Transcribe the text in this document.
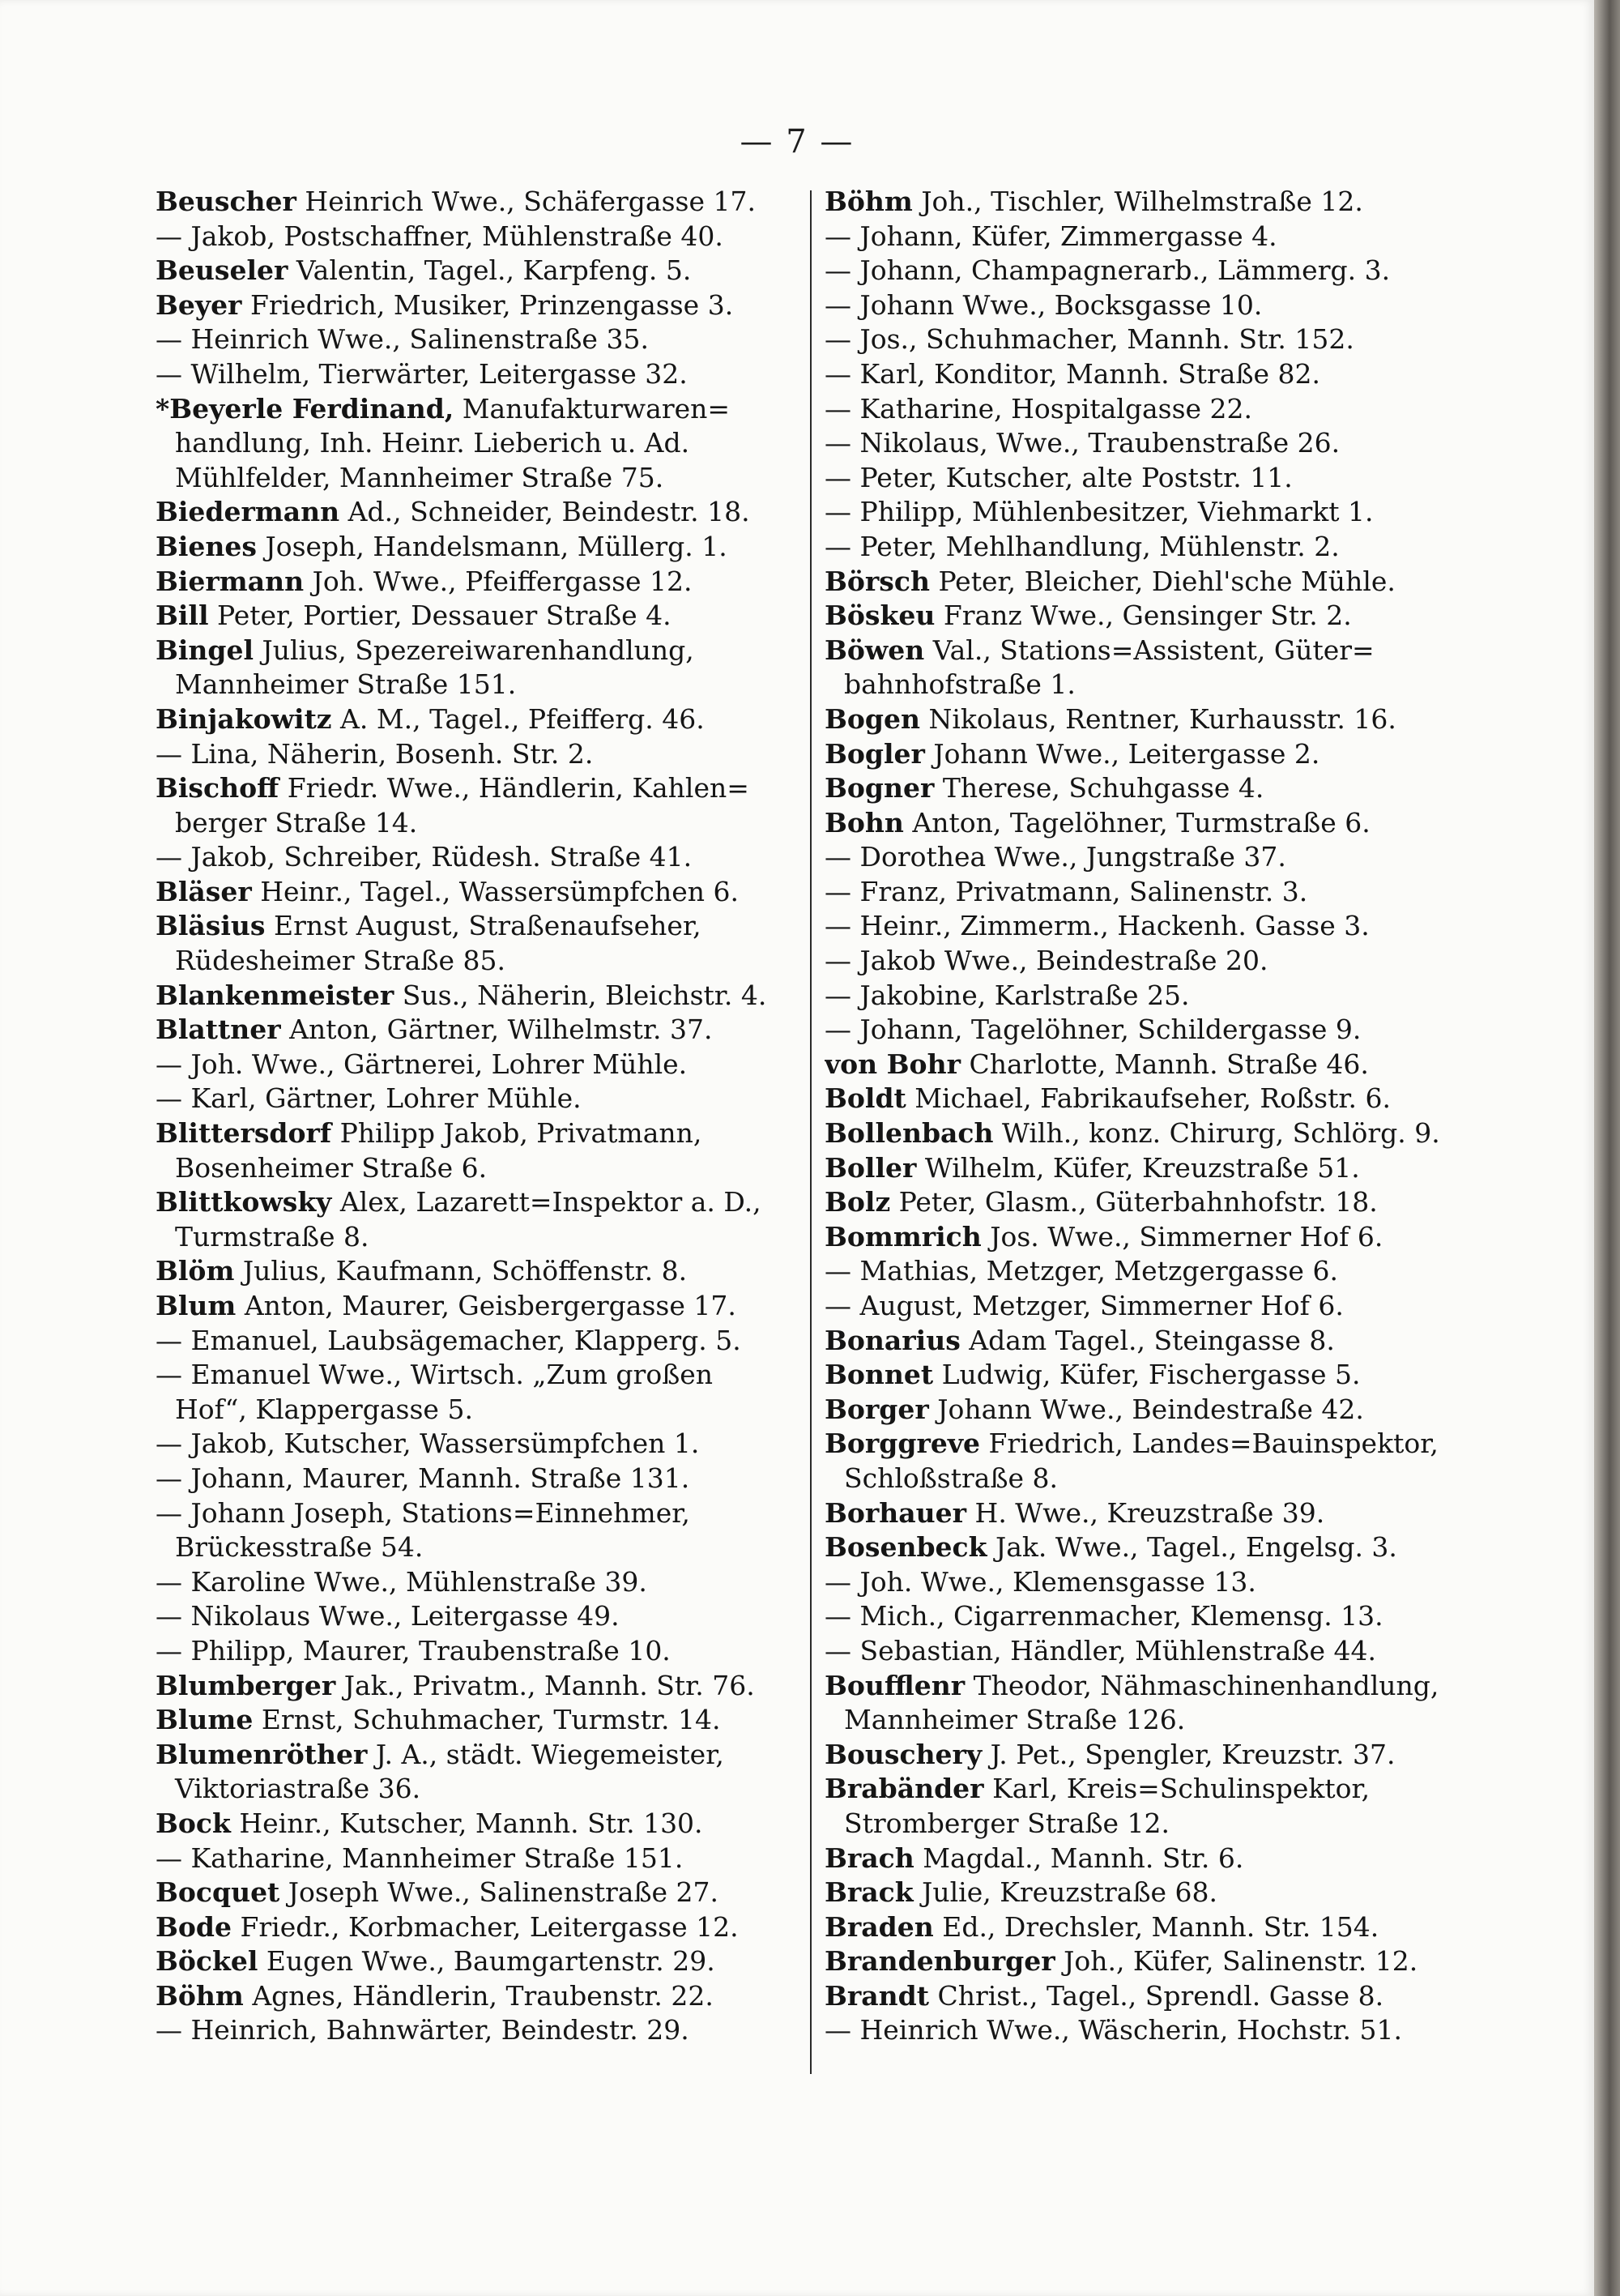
— 7 —
Beuscher Heinrich Wwe., Schäfergasse 17.
— Jakob, Postschaffner, Mühlenstraße 40.
Beuseler Valentin, Tagel., Karpfeng. 5.
Beyer Friedrich, Musiker, Prinzengasse 3.
— Heinrich Wwe., Salinenstraße 35.
— Wilhelm, Tierwärter, Leitergasse 32.
*Beyerle Ferdinand, Manufakturwaren=
handlung, Inh. Heinr. Lieberich u. Ad.
Mühlfelder, Mannheimer Straße 75.
Biedermann Ad., Schneider, Beindestr. 18.
Bienes Joseph, Handelsmann, Müllerg. 1.
Biermann Joh. Wwe., Pfeiffergasse 12.
Bill Peter, Portier, Dessauer Straße 4.
Bingel Julius, Spezereiwarenhandlung,
Mannheimer Straße 151.
Binjakowitz A. M., Tagel., Pfeifferg. 46.
— Lina, Näherin, Bosenh. Str. 2.
Bischoff Friedr. Wwe., Händlerin, Kahlen=
berger Straße 14.
— Jakob, Schreiber, Rüdesh. Straße 41.
Bläser Heinr., Tagel., Wassersümpfchen 6.
Bläsius Ernst August, Straßenaufseher,
Rüdesheimer Straße 85.
Blankenmeister Sus., Näherin, Bleichstr. 4.
Blattner Anton, Gärtner, Wilhelmstr. 37.
— Joh. Wwe., Gärtnerei, Lohrer Mühle.
— Karl, Gärtner, Lohrer Mühle.
Blittersdorf Philipp Jakob, Privatmann,
Bosenheimer Straße 6.
Blittkowsky Alex, Lazarett=Inspektor a. D.,
Turmstraße 8.
Blöm Julius, Kaufmann, Schöffenstr. 8.
Blum Anton, Maurer, Geisbergergasse 17.
— Emanuel, Laubsägemacher, Klapperg. 5.
— Emanuel Wwe., Wirtsch. „Zum großen
Hof“, Klappergasse 5.
— Jakob, Kutscher, Wassersümpfchen 1.
— Johann, Maurer, Mannh. Straße 131.
— Johann Joseph, Stations=Einnehmer,
Brückesstraße 54.
— Karoline Wwe., Mühlenstraße 39.
— Nikolaus Wwe., Leitergasse 49.
— Philipp, Maurer, Traubenstraße 10.
Blumberger Jak., Privatm., Mannh. Str. 76.
Blume Ernst, Schuhmacher, Turmstr. 14.
Blumenröther J. A., städt. Wiegemeister,
Viktoriastraße 36.
Bock Heinr., Kutscher, Mannh. Str. 130.
— Katharine, Mannheimer Straße 151.
Bocquet Joseph Wwe., Salinenstraße 27.
Bode Friedr., Korbmacher, Leitergasse 12.
Böckel Eugen Wwe., Baumgartenstr. 29.
Böhm Agnes, Händlerin, Traubenstr. 22.
— Heinrich, Bahnwärter, Beindestr. 29.
Böhm Joh., Tischler, Wilhelmstraße 12.
— Johann, Küfer, Zimmergasse 4.
— Johann, Champagnerarb., Lämmerg. 3.
— Johann Wwe., Bocksgasse 10.
— Jos., Schuhmacher, Mannh. Str. 152.
— Karl, Konditor, Mannh. Straße 82.
— Katharine, Hospitalgasse 22.
— Nikolaus, Wwe., Traubenstraße 26.
— Peter, Kutscher, alte Poststr. 11.
— Philipp, Mühlenbesitzer, Viehmarkt 1.
— Peter, Mehlhandlung, Mühlenstr. 2.
Börsch Peter, Bleicher, Diehl'sche Mühle.
Böskeu Franz Wwe., Gensinger Str. 2.
Böwen Val., Stations=Assistent, Güter=
bahnhofstraße 1.
Bogen Nikolaus, Rentner, Kurhausstr. 16.
Bogler Johann Wwe., Leitergasse 2.
Bogner Therese, Schuhgasse 4.
Bohn Anton, Tagelöhner, Turmstraße 6.
— Dorothea Wwe., Jungstraße 37.
— Franz, Privatmann, Salinenstr. 3.
— Heinr., Zimmerm., Hackenh. Gasse 3.
— Jakob Wwe., Beindestraße 20.
— Jakobine, Karlstraße 25.
— Johann, Tagelöhner, Schildergasse 9.
von Bohr Charlotte, Mannh. Straße 46.
Boldt Michael, Fabrikaufseher, Roßstr. 6.
Bollenbach Wilh., konz. Chirurg, Schlörg. 9.
Boller Wilhelm, Küfer, Kreuzstraße 51.
Bolz Peter, Glasm., Güterbahnhofstr. 18.
Bommrich Jos. Wwe., Simmerner Hof 6.
— Mathias, Metzger, Metzgergasse 6.
— August, Metzger, Simmerner Hof 6.
Bonarius Adam Tagel., Steingasse 8.
Bonnet Ludwig, Küfer, Fischergasse 5.
Borger Johann Wwe., Beindestraße 42.
Borggreve Friedrich, Landes=Bauinspektor,
Schloßstraße 8.
Borhauer H. Wwe., Kreuzstraße 39.
Bosenbeck Jak. Wwe., Tagel., Engelsg. 3.
— Joh. Wwe., Klemensgasse 13.
— Mich., Cigarrenmacher, Klemensg. 13.
— Sebastian, Händler, Mühlenstraße 44.
Boufflenr Theodor, Nähmaschinenhandlung,
Mannheimer Straße 126.
Bouschery J. Pet., Spengler, Kreuzstr. 37.
Brabänder Karl, Kreis=Schulinspektor,
Stromberger Straße 12.
Brach Magdal., Mannh. Str. 6.
Brack Julie, Kreuzstraße 68.
Braden Ed., Drechsler, Mannh. Str. 154.
Brandenburger Joh., Küfer, Salinenstr. 12.
Brandt Christ., Tagel., Sprendl. Gasse 8.
— Heinrich Wwe., Wäscherin, Hochstr. 51.
